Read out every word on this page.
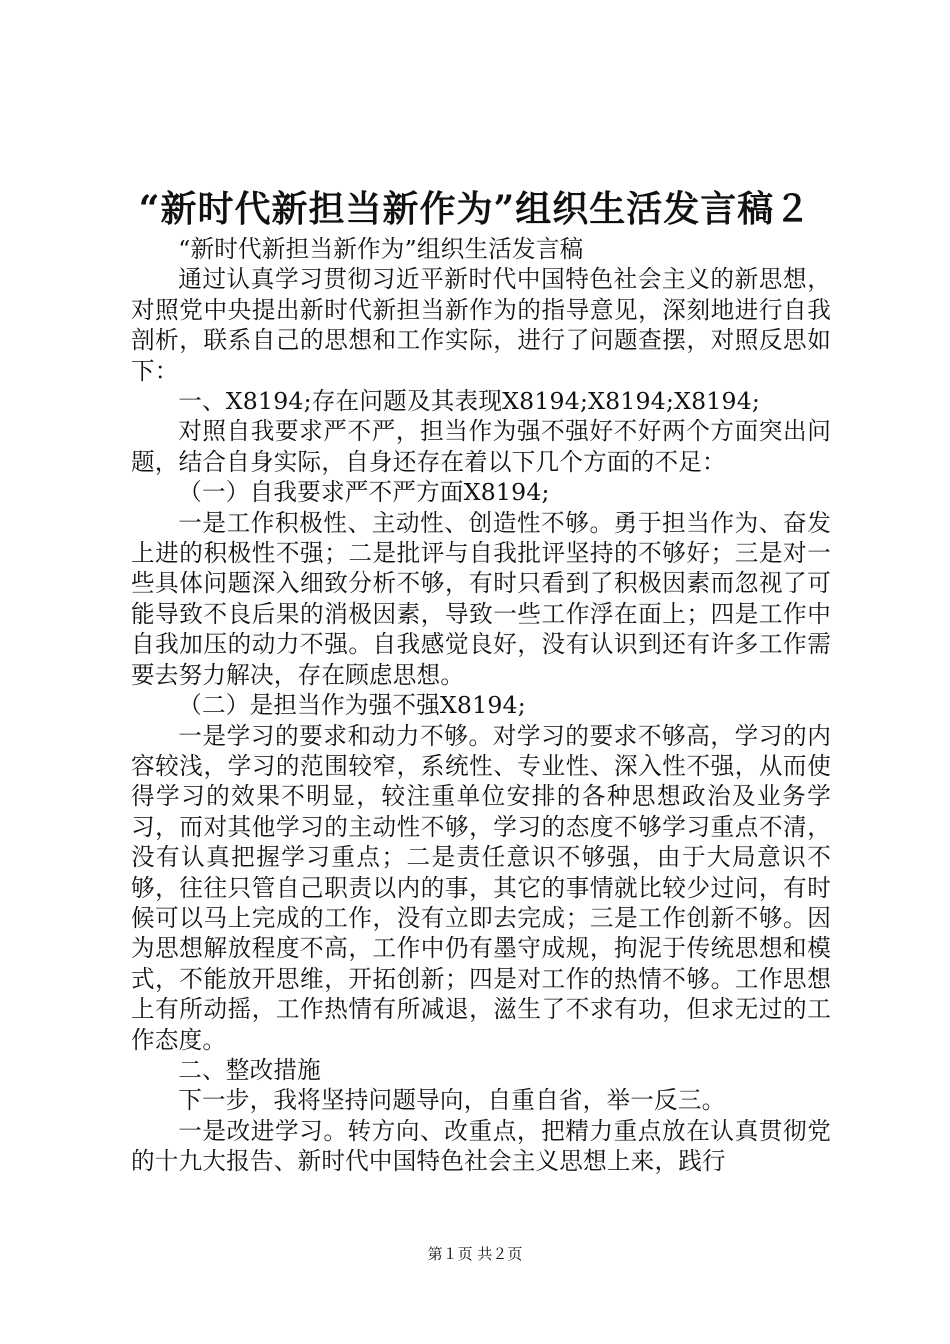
“新时代新担当新作为”组织生活发言稿２

“新时代新担当新作为”组织生活发言稿

通过认真学习贯彻习近平新时代中国特色社会主义的新思想，对照党中央提出新时代新担当新作为的指导意见，深刻地进行自我剖析，联系自己的思想和工作实际，进行了问题查摆，对照反思如下：

一、X8194;存在问题及其表现X8194;X8194;X8194;

对照自我要求严不严，担当作为强不强好不好两个方面突出问题，结合自身实际，自身还存在着以下几个方面的不足：

（一）自我要求严不严方面X8194;

一是工作积极性、主动性、创造性不够。勇于担当作为、奋发上进的积极性不强；二是批评与自我批评坚持的不够好；三是对一些具体问题深入细致分析不够，有时只看到了积极因素而忽视了可能导致不良后果的消极因素，导致一些工作浮在面上；四是工作中自我加压的动力不强。自我感觉良好，没有认识到还有许多工作需要去努力解决，存在顾虑思想。

（二）是担当作为强不强X8194;

一是学习的要求和动力不够。对学习的要求不够高，学习的内容较浅，学习的范围较窄，系统性、专业性、深入性不强，从而使得学习的效果不明显，较注重单位安排的各种思想政治及业务学习，而对其他学习的主动性不够，学习的态度不够学习重点不清，没有认真把握学习重点；二是责任意识不够强，由于大局意识不够，往往只管自己职责以内的事，其它的事情就比较少过问，有时候可以马上完成的工作，没有立即去完成；三是工作创新不够。因为思想解放程度不高，工作中仍有墨守成规，拘泥于传统思想和模式，不能放开思维，开拓创新；四是对工作的热情不够。工作思想上有所动摇，工作热情有所减退，滋生了不求有功，但求无过的工作态度。

二、整改措施

下一步，我将坚持问题导向，自重自省，举一反三。

一是改进学习。转方向、改重点，把精力重点放在认真贯彻党的十九大报告、新时代中国特色社会主义思想上来，践行

第１页 共２页
